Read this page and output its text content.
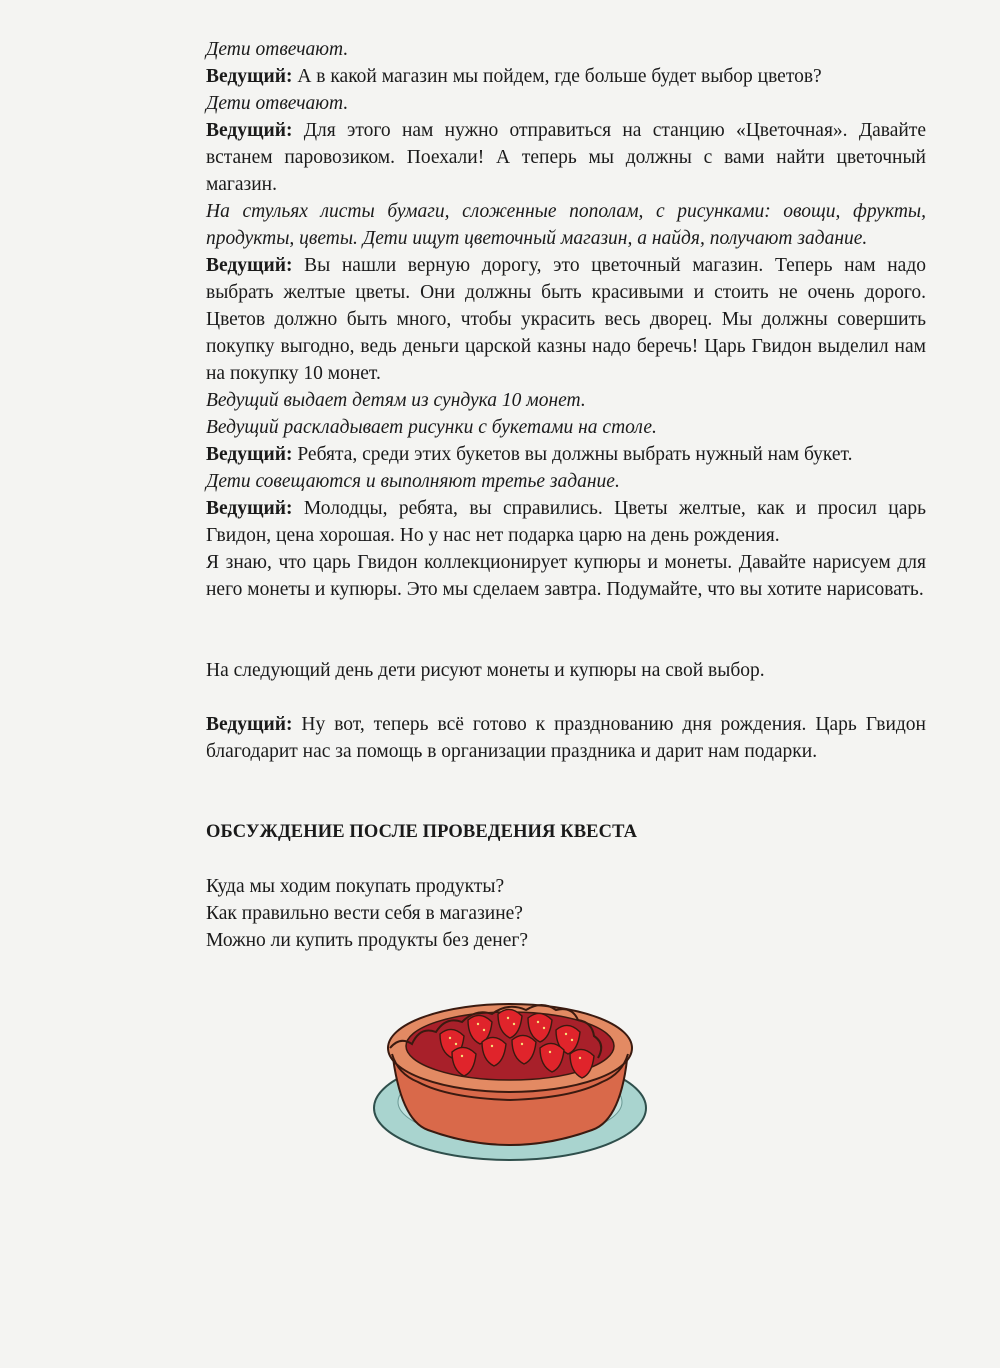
Дети отвечают.

Ведущий: А в какой магазин мы пойдем, где больше будет выбор цветов?

Дети отвечают.

Ведущий: Для этого нам нужно отправиться на станцию «Цветочная». Давайте встанем паровозиком. Поехали! А теперь мы должны с вами найти цветочный магазин.

На стульях листы бумаги, сложенные пополам, с рисунками: овощи, фрукты, продукты, цветы. Дети ищут цветочный магазин, а найдя, получают задание.

Ведущий: Вы нашли верную дорогу, это цветочный магазин. Теперь нам надо выбрать желтые цветы. Они должны быть красивыми и стоить не очень дорого. Цветов должно быть много, чтобы украсить весь дворец. Мы должны совершить покупку выгодно, ведь деньги царской казны надо беречь! Царь Гвидон выделил нам на покупку 10 монет.

Ведущий выдает детям из сундука 10 монет.

Ведущий раскладывает рисунки с букетами на столе.

Ведущий: Ребята, среди этих букетов вы должны выбрать нужный нам букет.

Дети совещаются и выполняют третье задание.

Ведущий: Молодцы, ребята, вы справились. Цветы желтые, как и просил царь Гвидон, цена хорошая. Но у нас нет подарка царю на день рождения.

Я знаю, что царь Гвидон коллекционирует купюры и монеты. Давайте нарисуем для него монеты и купюры. Это мы сделаем завтра. Подумайте, что вы хотите нарисовать.

На следующий день дети рисуют монеты и купюры на свой выбор.

Ведущий: Ну вот, теперь всё готово к празднованию дня рождения. Царь Гвидон благодарит нас за помощь в организации праздника и дарит нам подарки.

ОБСУЖДЕНИЕ ПОСЛЕ ПРОВЕДЕНИЯ КВЕСТА

Куда мы ходим покупать продукты?

Как правильно вести себя в магазине?

Можно ли купить продукты без денег?
